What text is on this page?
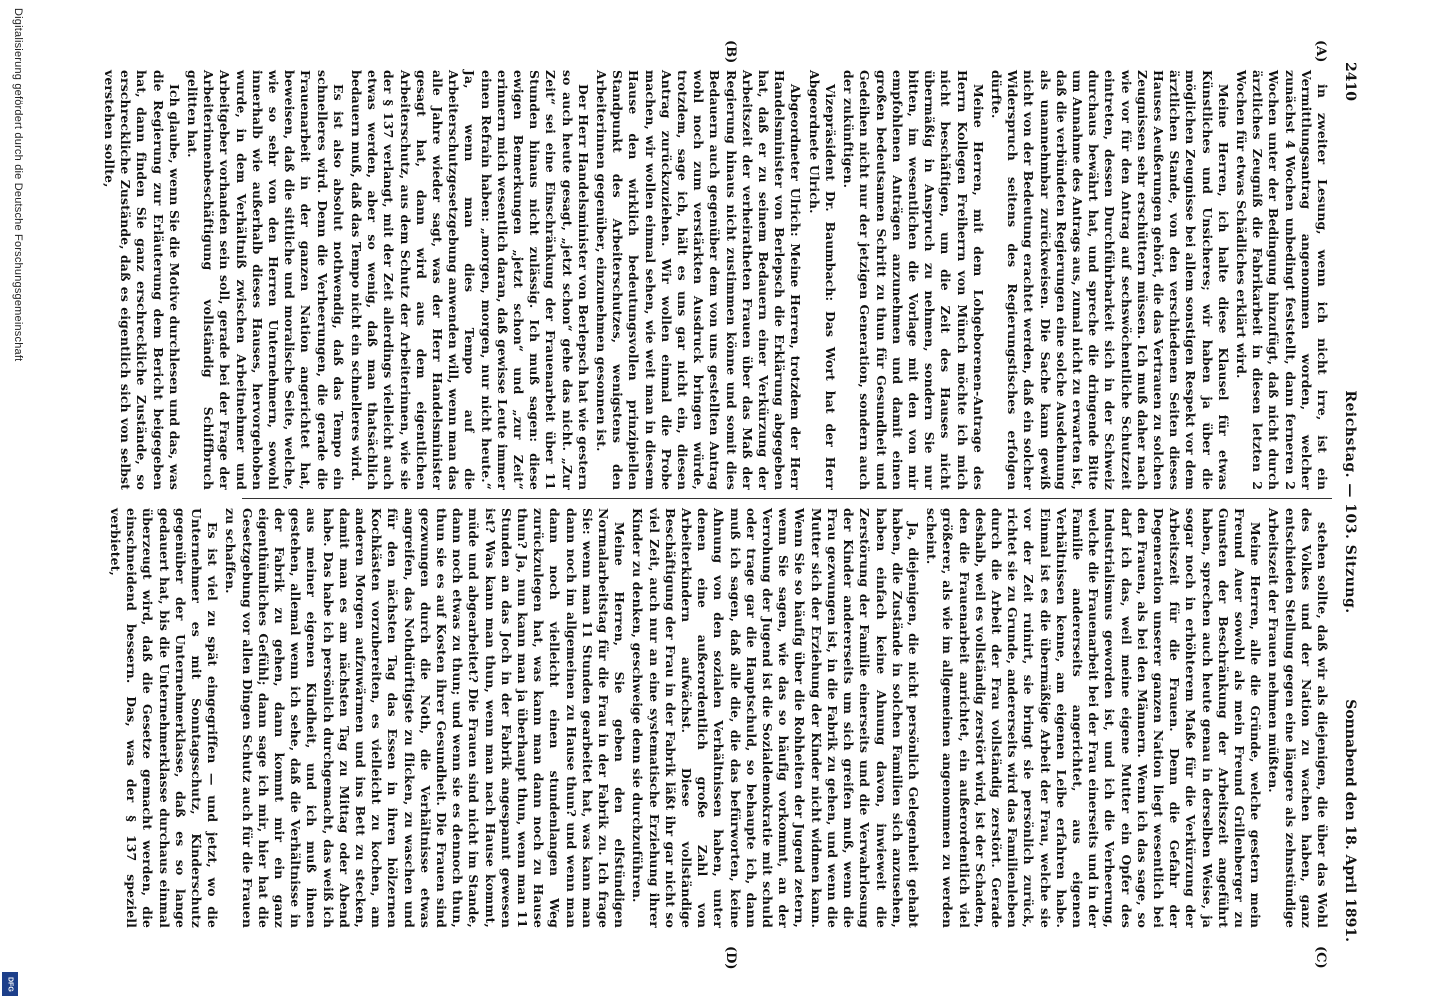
2410
Reichstag. — 103. Sitzung.
Sonnabend den 18. April 1891.
(A)
(B)
(C)
(D)

in zweiter Lesung, wenn ich nicht irre, ist ein Vermittlungsantrag angenommen worden, welcher zunächst 4 Wochen unbedingt feststellt, dann ferneren 2 Wochen unter der Bedingung hinzufügt, daß nicht durch ärztliches Zeugniß die Fabrikarbeit in diesen letzten 2 Wochen für etwas Schädliches erklärt wird.

Meine Herren, ich halte diese Klausel für etwas Künstliches und Unsicheres; wir haben ja über die möglichen Zeugnisse bei allem sonstigen Respekt vor dem ärztlichen Stande, von den verschiedenen Seiten dieses Hauses Aeußerungen gehört, die das Vertrauen zu solchen Zeugnissen sehr erschüttern müssen. Ich muß daher nach wie vor für den Antrag auf sechswöchentliche Schutzzeit eintreten, dessen Durchführbarkeit sich in der Schweiz durchaus bewährt hat, und spreche die dringende Bitte um Annahme des Antrags aus, zumal nicht zu erwarten ist, daß die verbündeten Regierungen eine solche Ausdehnung als unannehmbar zurückweisen. Die Sache kann gewiß nicht von der Bedeutung erachtet werden, daß ein solcher Widerspruch seitens des Regierungstisches erfolgen dürfte.

Meine Herren, mit dem Lohgeborenen-Antrage des Herrn Kollegen Freiherrn von Münch möchte ich mich nicht beschäftigen, um die Zeit des Hauses nicht übermäßig in Anspruch zu nehmen, sondern Sie nur bitten, im wesentlichen die Vorlage mit den von mir empfohlenen Anträgen anzunehmen und damit einen großen bedeutsamen Schritt zu thun für Gesundheit und Gedeihen nicht nur der jetzigen Generation, sondern auch der zukünftigen.

Vizepräsident Dr. Baumbach: Das Wort hat der Herr Abgeordnete Ulrich.

Abgeordneter Ulrich: Meine Herren, trotzdem der Herr Handelsminister von Berlepsch die Erklärung abgegeben hat, daß er zu seinem Bedauern einer Verkürzung der Arbeitszeit der verheiratheten Frauen über das Maß der Regierung hinaus nicht zustimmen könne und somit dies Bedauern auch gegenüber dem von uns gestellten Antrag wohl noch zum verstärkten Ausdruck bringen würde, trotzdem, sage ich, hält es uns gar nicht ein, diesen Antrag zurückzuziehen. Wir wollen einmal die Probe machen, wir wollen einmal sehen, wie weit man in diesem Hause den wirklich bedeutungsvollen prinzipiellen Standpunkt des Arbeiterschutzes, wenigstens den Arbeiterinnen gegenüber, einzunehmen gesonnen ist.

Der Herr Handelsminister von Berlepsch hat wie gestern so auch heute gesagt, „jetzt schon“ gehe das nicht. „Zur Zeit“ sei eine Einschränkung der Frauenarbeit über 11 Stunden hinaus nicht zulässig. Ich muß sagen: diese ewigen Bemerkungen „jetzt schon“ und „zur Zeit“ erinnern mich wesentlich daran, daß gewisse Leute immer einen Refrain haben: „morgen, morgen, nur nicht heute.“ Ja, wenn man dies Tempo auf die Arbeiterschutzgesetzgebung anwenden will, wenn man das alle Jahre wieder sagt, was der Herr Handelsminister gesagt hat, dann wird aus dem eigentlichen Arbeiterschutz, aus dem Schutz der Arbeiterinnen, wie sie der § 137 verlangt, mit der Zeit allerdings vielleicht auch etwas werden, aber so wenig, daß man thatsächlich bedauern muß, daß das Tempo nicht ein schnelleres wird.

Es ist also absolut nothwendig, daß das Tempo ein schnelleres wird. Denn die Verheerungen, die gerade die Frauenarbeit in der ganzen Nation angerichtet hat, beweisen, daß die sittliche und moralische Seite, welche, wie so sehr von den Herren Unternehmern, sowohl innerhalb wie außerhalb dieses Hauses, hervorgehoben wurde, in dem Verhältniß zwischen Arbeitnehmer und Arbeitgeber vorhanden sein soll, gerade bei der Frage der Arbeiterinnenbeschäftigung vollständig Schiffbruch gelitten hat.

Ich glaube, wenn Sie die Motive durchlesen und das, was die Regierung zur Erläuterung dem Bericht beigegeben hat, dann finden Sie ganz erschreckliche Zustände, so erschreckliche Zustände, daß es eigentlich sich von selbst verstehen sollte,

stehen sollte, daß wir als diejenigen, die über das Wohl des Volkes und der Nation zu wachen haben, ganz entschieden Stellung gegen eine längere als zehnstündige Arbeitszeit der Frauen nehmen müßten.

Meine Herren, alle die Gründe, welche gestern mein Freund Auer sowohl als mein Freund Grillenberger zu Gunsten der Beschränkung der Arbeitszeit angeführt haben, sprechen auch heute genau in derselben Weise, ja sogar noch in erhöhterem Maße für die Verkürzung der Arbeitszeit für die Frauen. Denn die Gefahr der Degeneration unserer ganzen Nation liegt wesentlich bei den Frauen, als bei den Männern. Wenn ich das sage, so darf ich das, weil meine eigene Mutter ein Opfer des Industrialismus geworden ist, und ich die Verheerung, welche die Frauenarbeit bei der Frau einerseits und in der Familie andererseits angerichtet, aus eigenen Verhältnissen kenne, am eigenen Leibe erfahren habe. Einmal ist es die übermäßige Arbeit der Frau, welche sie vor der Zeit ruinirt, sie bringt sie persönlich zurück, richtet sie zu Grunde, andererseits wird das Familienleben durch die Arbeit der Frau vollständig zerstört. Gerade deshalb, weil es vollständig zerstört wird, ist der Schaden, den die Frauenarbeit anrichtet, ein außerordentlich viel größerer, als wie im allgemeinen angenommen zu werden scheint.

Ja, diejenigen, die nicht persönlich Gelegenheit gehabt haben, die Zustände in solchen Familien sich anzusehen, haben einfach keine Ahnung davon, inwieweit die Zerstörung der Familie einerseits und die Verwahrlosung der Kinder andererseits um sich greifen muß, wenn die Frau gezwungen ist, in die Fabrik zu gehen, und wenn die Mutter sich der Erziehung der Kinder nicht widmen kann. Wenn Sie so häufig über die Rohheiten der Jugend zetern, wenn Sie sagen, wie das so häufig vorkommt, an der Verrohung der Jugend ist die Sozialdemokratie mit schuld oder trage gar die Hauptschuld, so behaupte ich, dann muß ich sagen, daß alle die, die das befürworten, keine Ahnung von den sozialen Verhältnissen haben, unter denen eine außerordentlich große Zahl von Arbeiterkindern aufwächst. Diese vollständige Beschäftigung der Frau in der Fabrik läßt ihr gar nicht so viel Zeit, auch nur an eine systematische Erziehung ihrer Kinder zu denken, geschweige denn sie durchzuführen.

Meine Herren, Sie geben den elfstündigen Normalarbeitstag für die Frau in der Fabrik zu. Ich frage Sie: wenn man 11 Stunden gearbeitet hat, was kann man dann noch im allgemeinen zu Hause thun? und wenn man dann noch vielleicht einen stundenlangen Weg zurückzulegen hat, was kann man dann noch zu Hause thun? Ja, nun kann man ja überhaupt thun, wenn man 11 Stunden an das Joch in der Fabrik angespannt gewesen ist? Was kann man thun, wenn man nach Hause kommt, müde und abgearbeitet? Die Frauen sind nicht im Stande, dann noch etwas zu thun; und wenn sie es dennoch thun, thun sie es auf Kosten ihrer Gesundheit. Die Frauen sind gezwungen durch die Noth, die Verhältnisse etwas angreifen, das Nothdürftigste zu flicken, zu waschen und für den nächsten Tag das Essen in ihren hölzernen Kochkästen vorzubereiten, es vielleicht zu kochen, am anderen Morgen aufzuwärmen und ins Bett zu stecken, damit man es am nächsten Tag zu Mittag oder Abend habe. Das habe ich persönlich durchgemacht, das weiß ich aus meiner eigenen Kindheit, und ich muß ihnen gestehen, allemal wenn ich sehe, daß die Verhältnisse in der Fabrik zu gehen, dann kommt mir ein ganz eigenthümliches Gefühl; dann sage ich mir, hier hat die Gesetzgebung vor allen Dingen Schutz auch für die Frauen zu schaffen.

Es ist viel zu spät eingegriffen — und jetzt, wo die Unternehmer es mit Sonntagsschutz, Kinderschutz gegenüber der Unternehmerklasse, daß es so lange gedauert hat, bis die Unternehmerklasse durchaus einmal überzeugt wird, daß die Gesetze gemacht werden, die einschneidend bessern. Das, was der § 137 speziell verbietet,

Digitalisierung gefördert durch die Deutsche Forschungsgemeinschaft
DFG
